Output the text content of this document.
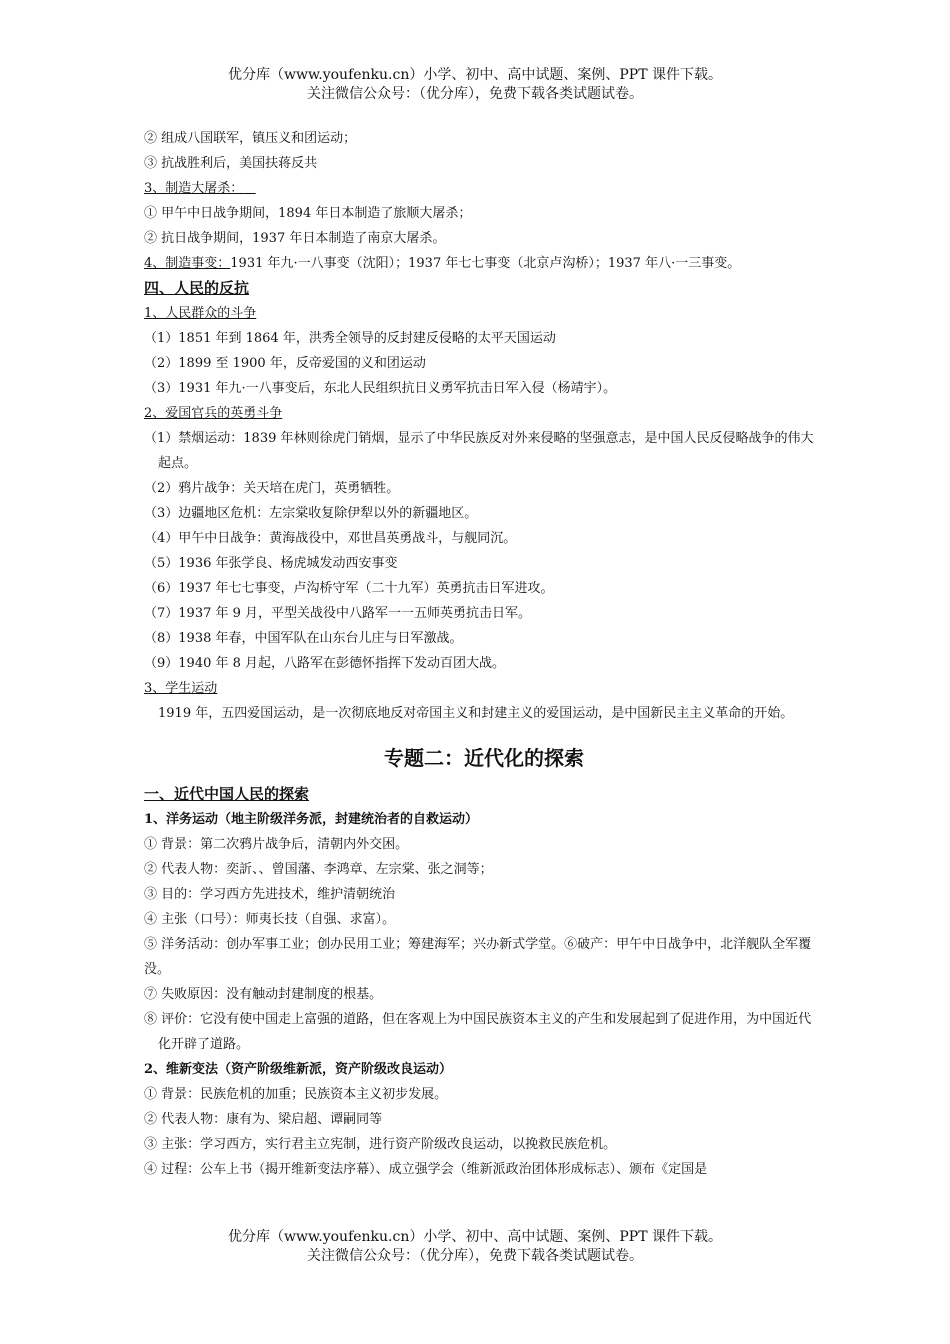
优分库（www.youfenku.cn）小学、初中、高中试题、案例、PPT 课件下载。
关注微信公众号：（优分库），免费下载各类试题试卷。
② 组成八国联军，镇压义和团运动；
③ 抗战胜利后，美国扶蒋反共
3、制造大屠杀：
① 甲午中日战争期间，1894 年日本制造了旅顺大屠杀；
② 抗日战争期间，1937 年日本制造了南京大屠杀。
4、制造事变：1931 年九·一八事变（沈阳）；1937 年七七事变（北京卢沟桥）；1937 年八·一三事变。
四、人民的反抗
1、人民群众的斗争
（1）1851 年到 1864 年，洪秀全领导的反封建反侵略的太平天国运动
（2）1899 至 1900 年，反帝爱国的义和团运动
（3）1931 年九·一八事变后，东北人民组织抗日义勇军抗击日军入侵（杨靖宇）。
2、爱国官兵的英勇斗争
（1）禁烟运动：1839 年林则徐虎门销烟，显示了中华民族反对外来侵略的坚强意志，是中国人民反侵略战争的伟大起点。
（2）鸦片战争：关天培在虎门，英勇牺牲。
（3）边疆地区危机：左宗棠收复除伊犁以外的新疆地区。
（4）甲午中日战争：黄海战役中，邓世昌英勇战斗，与舰同沉。
（5）1936 年张学良、杨虎城发动西安事变
（6）1937 年七七事变，卢沟桥守军（二十九军）英勇抗击日军进攻。
（7）1937 年 9 月，平型关战役中八路军一一五师英勇抗击日军。
（8）1938 年春，中国军队在山东台儿庄与日军激战。
（9）1940 年 8 月起，八路军在彭德怀指挥下发动百团大战。
3、学生运动
1919 年，五四爱国运动，是一次彻底地反对帝国主义和封建主义的爱国运动，是中国新民主主义革命的开始。
专题二：近代化的探索
一、近代中国人民的探索
1、洋务运动（地主阶级洋务派，封建统治者的自救运动）
① 背景：第二次鸦片战争后，清朝内外交困。
② 代表人物：奕訢、、曾国藩、李鸿章、左宗棠、张之洞等；
③ 目的：学习西方先进技术，维护清朝统治
④ 主张（口号）：师夷长技（自强、求富）。
⑤ 洋务活动：创办军事工业；创办民用工业；筹建海军；兴办新式学堂。⑥破产：甲午中日战争中，北洋舰队全军覆没。
⑦ 失败原因：没有触动封建制度的根基。
⑧ 评价：它没有使中国走上富强的道路，但在客观上为中国民族资本主义的产生和发展起到了促进作用，为中国近代化开辟了道路。
2、维新变法（资产阶级维新派，资产阶级改良运动）
① 背景：民族危机的加重；民族资本主义初步发展。
② 代表人物：康有为、梁启超、谭嗣同等
③ 主张：学习西方，实行君主立宪制，进行资产阶级改良运动，以挽救民族危机。
④ 过程：公车上书（揭开维新变法序幕）、成立强学会（维新派政治团体形成标志）、颁布《定国是
优分库（www.youfenku.cn）小学、初中、高中试题、案例、PPT 课件下载。
关注微信公众号：（优分库），免费下载各类试题试卷。
